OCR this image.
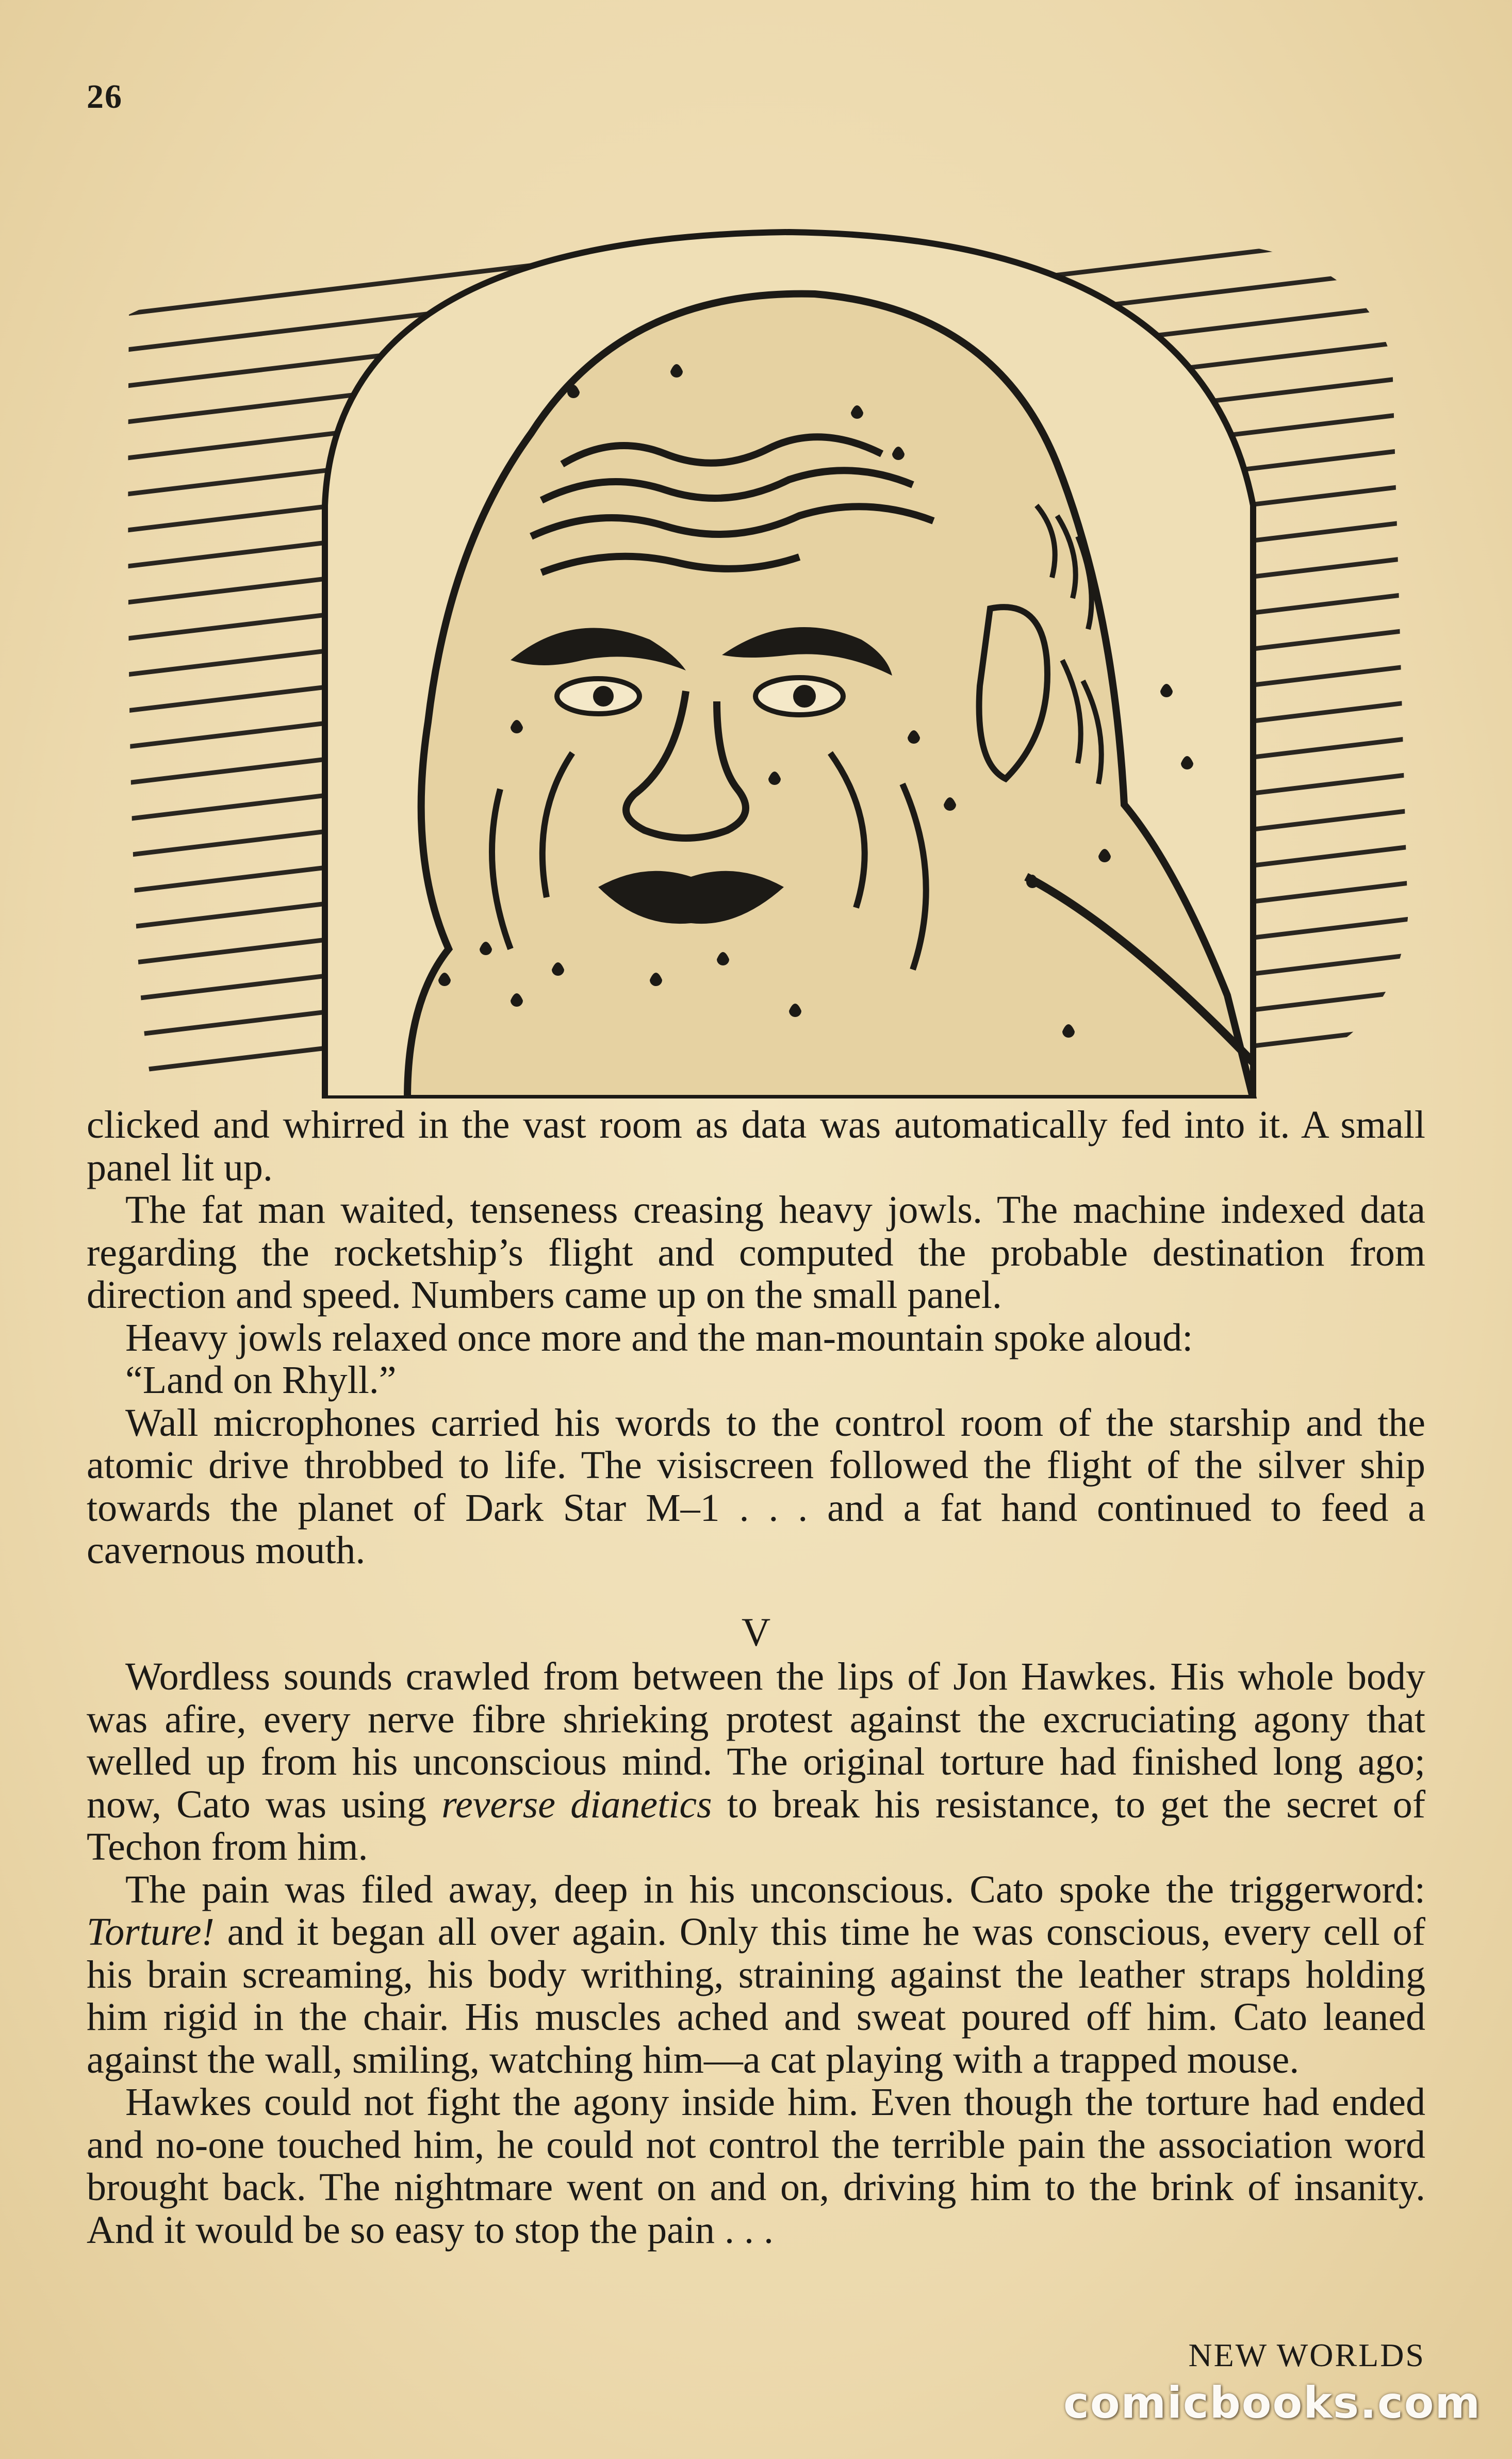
26

clicked and whirred in the vast room as data was automatically fed into it. A small panel lit up.

The fat man waited, tenseness creasing heavy jowls. The machine indexed data regarding the rocketship’s flight and computed the probable destination from direction and speed. Numbers came up on the small panel.

Heavy jowls relaxed once more and the man-mountain spoke aloud:

“Land on Rhyll.”

Wall microphones carried his words to the control room of the starship and the atomic drive throbbed to life. The visiscreen followed the flight of the silver ship towards the planet of Dark Star M–1 . . . and a fat hand continued to feed a cavernous mouth.

V

Wordless sounds crawled from between the lips of Jon Hawkes. His whole body was afire, every nerve fibre shrieking protest against the excruciating agony that welled up from his unconscious mind. The original torture had finished long ago; now, Cato was using reverse dianetics to break his resistance, to get the secret of Techon from him.

The pain was filed away, deep in his unconscious. Cato spoke the triggerword: Torture! and it began all over again. Only this time he was conscious, every cell of his brain screaming, his body writhing, straining against the leather straps holding him rigid in the chair. His muscles ached and sweat poured off him. Cato leaned against the wall, smiling, watching him—a cat playing with a trapped mouse.

Hawkes could not fight the agony inside him. Even though the torture had ended and no-one touched him, he could not control the terrible pain the association word brought back. The nightmare went on and on, driving him to the brink of insanity. And it would be so easy to stop the pain . . .

NEW WORLDS
comicbooks.com
